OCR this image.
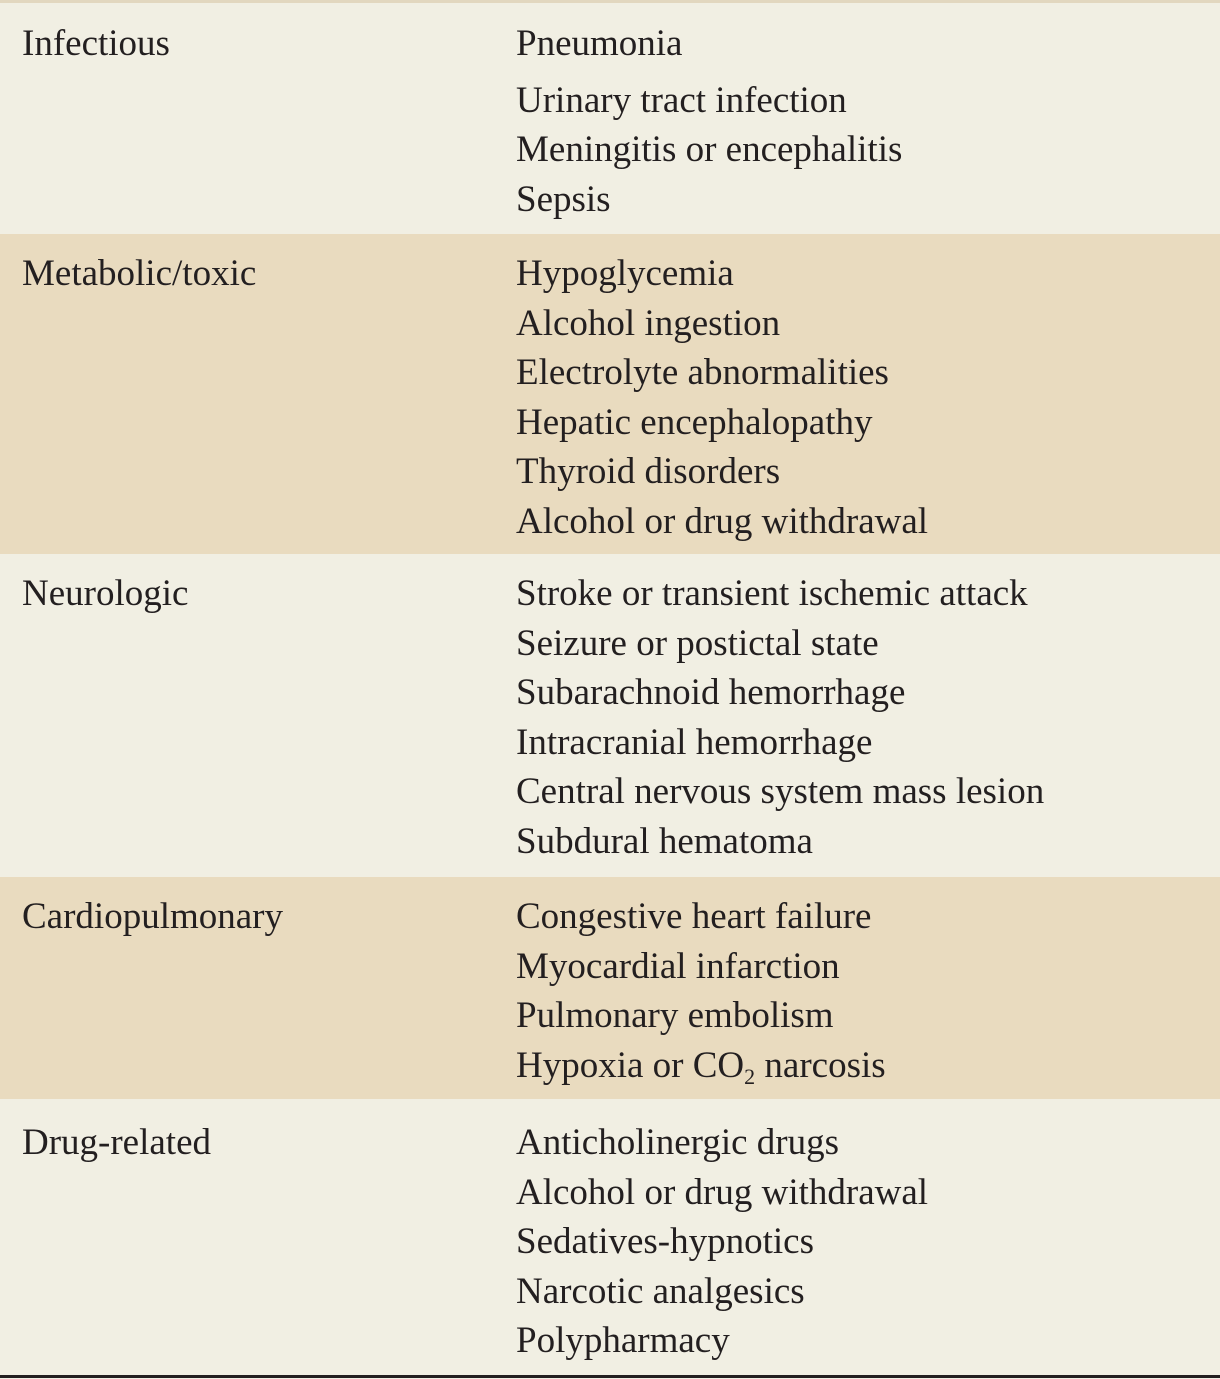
Infectious	Pneumonia
Urinary tract infection
Meningitis or encephalitis
Sepsis
Metabolic/toxic	Hypoglycemia
Alcohol ingestion
Electrolyte abnormalities
Hepatic encephalopathy
Thyroid disorders
Alcohol or drug withdrawal
Neurologic	Stroke or transient ischemic attack
Seizure or postictal state
Subarachnoid hemorrhage
Intracranial hemorrhage
Central nervous system mass lesion
Subdural hematoma
Cardiopulmonary	Congestive heart failure
Myocardial infarction
Pulmonary embolism
Hypoxia or $CO_2$ narcosis
Drug-related	Anticholinergic drugs
Alcohol or drug withdrawal
Sedatives-hypnotics
Narcotic analgesics
Polypharmacy
